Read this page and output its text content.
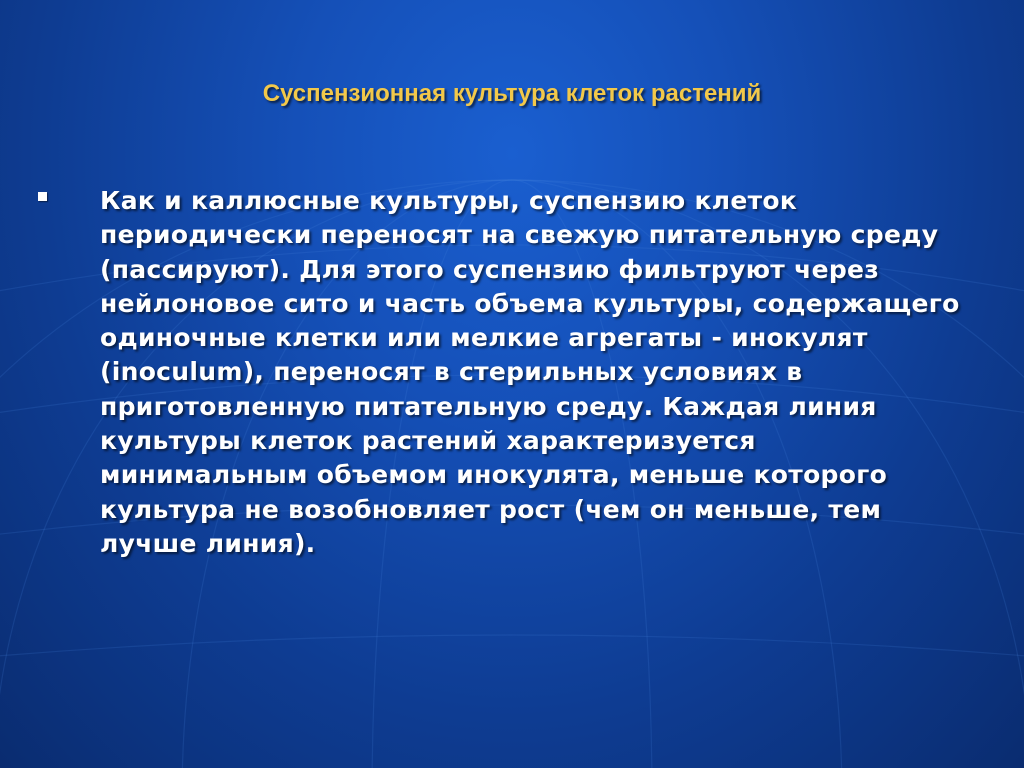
Суспензионная культура клеток растений

Как и каллюсные культуры, суспензию клеток периодически переносят на свежую питательную среду (пассируют). Для этого суспензию фильтруют через нейлоновое сито и часть объема культуры, содержащего одиночные клетки или мелкие агрегаты - инокулят (inoculum), переносят в стерильных условиях в приготовленную питательную среду. Каждая линия культуры клеток растений характеризуется минимальным объемом инокулята, меньше которого культура не возобновляет рост (чем он меньше, тем лучше линия).
